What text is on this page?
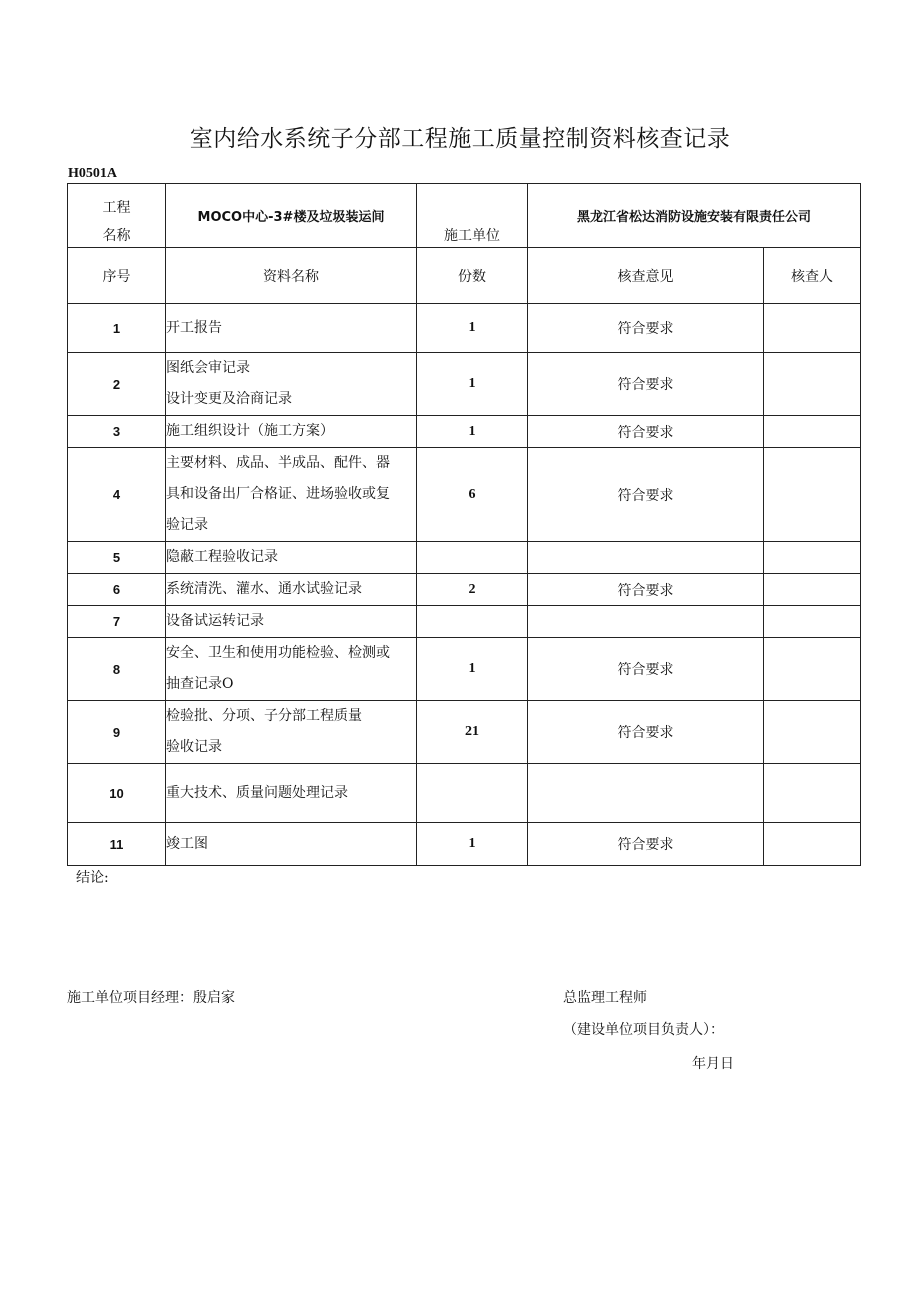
室内给水系统子分部工程施工质量控制资料核查记录
H0501A
工程
名称	MOCO中心-3#楼及垃圾装运间	施工单位	黑龙江省松达消防设施安装有限责任公司	
序号	资料名称	份数	核查意见	核查人
1	开工报告	1	符合要求	
2	图纸会审记录
设计变更及洽商记录	1	符合要求	
3	施工组织设计（施工方案）	1	符合要求	
4	主要材料、成品、半成品、配件、器
具和设备出厂合格证、进场验收或复
验记录	6	符合要求	
5	隐蔽工程验收记录			

6	系统清洗、灌水、通水试验记录	2	符合要求	
7	设备试运转记录			

8	安全、卫生和使用功能检验、检测或
抽查记录O	1	符合要求	
9	检验批、分项、子分部工程质量
验收记录	21	符合要求	
10	重大技术、质量问题处理记录			

11	竣工图	1	符合要求	
结论:
施工单位项目经理：殷启家	总监理工程师
（建设单位项目负责人）：
年月日
